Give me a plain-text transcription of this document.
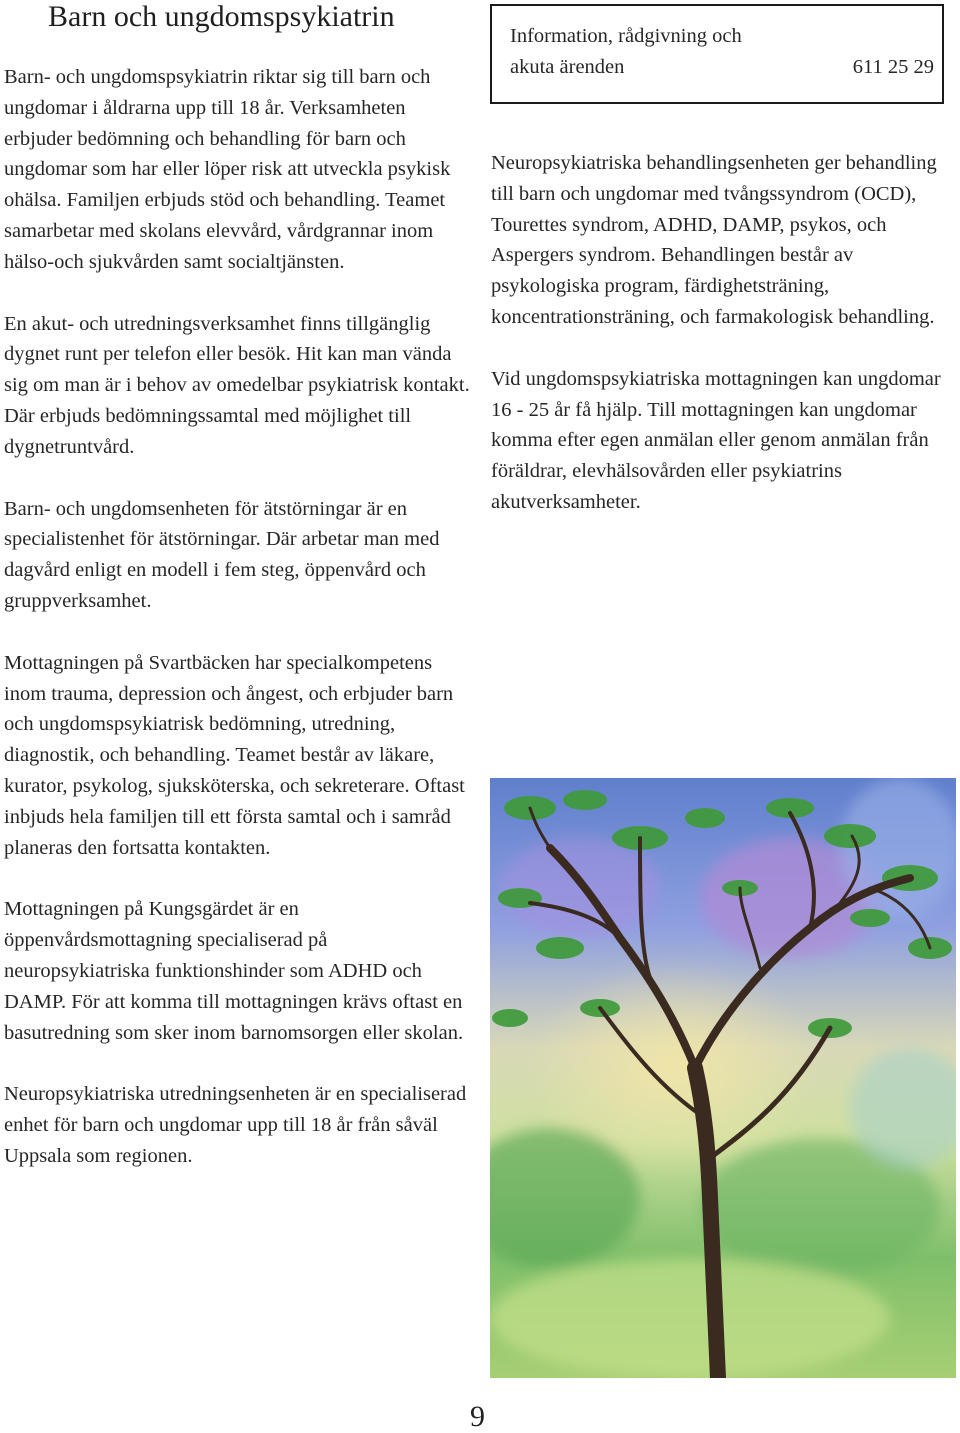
Barn och ungdomspsykiatrin

Barn- och ungdomspsykiatrin riktar sig till barn och ungdomar i åldrarna upp till 18 år. Verksamheten erbjuder bedömning och behandling för barn och ungdomar som har eller löper risk att utveckla psykisk ohälsa. Familjen erbjuds stöd och behandling. Teamet samarbetar med skolans elevvård, vårdgrannar inom hälso-och sjukvården samt socialtjänsten.

En akut- och utredningsverksamhet finns tillgänglig dygnet runt per telefon eller besök. Hit kan man vända sig om man är i behov av omedelbar psykiatrisk kontakt. Där erbjuds bedömningssamtal med möjlighet till dygnetruntvård.

Barn- och ungdomsenheten för ätstörningar är en specialistenhet för ätstörningar. Där arbetar man med dagvård enligt en modell i fem steg, öppenvård och gruppverksamhet.

Mottagningen på Svartbäcken har specialkompetens inom trauma, depression och ångest, och erbjuder barn och ungdomspsykiatrisk bedömning, utredning, diagnostik, och behandling. Teamet består av läkare, kurator, psykolog, sjuksköterska, och sekreterare. Oftast inbjuds hela familjen till ett första samtal och i samråd planeras den fortsatta kontakten.

Mottagningen på Kungsgärdet är en öppenvårdsmottagning specialiserad på neuropsykiatriska funktionshinder som ADHD och DAMP. För att komma till mottagningen krävs oftast en basutredning som sker inom barnomsorgen eller skolan.

Neuropsykiatriska utredningsenheten är en specialiserad enhet för barn och ungdomar upp till 18 år från såväl Uppsala som regionen.

Information, rådgivning och
akuta ärenden	611 25 29

Neuropsykiatriska behandlingsenheten ger behandling till barn och ungdomar med tvångssyndrom (OCD), Tourettes syndrom, ADHD, DAMP, psykos, och Aspergers syndrom. Behandlingen består av psykologiska program, färdighetsträning, koncentrationsträning, och farmakologisk behandling.

Vid ungdomspsykiatriska mottagningen kan ungdomar 16 - 25 år få hjälp. Till mottagningen kan ungdomar komma efter egen anmälan eller genom anmälan från föräldrar, elevhälsovården eller psykiatrins akutverksamheter.

9
